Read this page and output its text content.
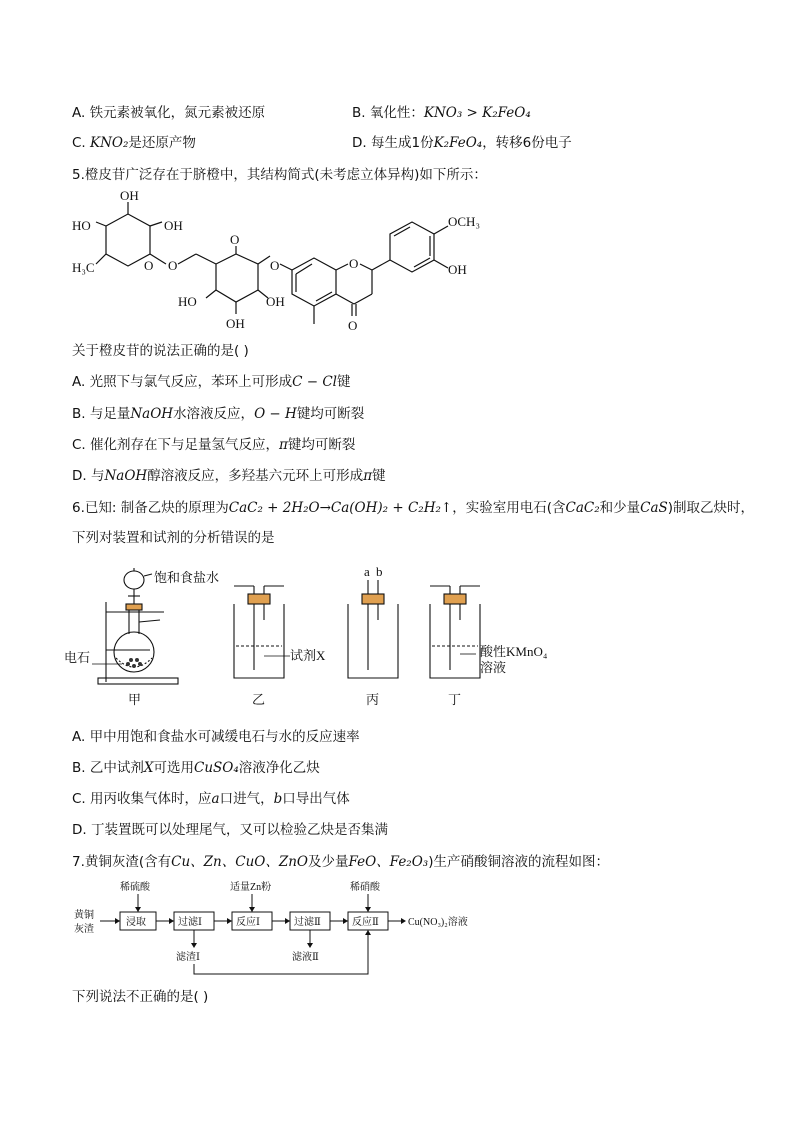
A. 铁元素被氧化，氮元素被还原	B. 氧化性：KNO₃ > K₂FeO₄
C. KNO₂是还原产物	D. 每生成1份K₂FeO₄，转移6份电子
5.橙皮苷广泛存在于脐橙中，其结构简式(未考虑立体异构)如下所示：
HO	OH
OH
H₃C	O O
O
O	O
HO	OH
OH
OCH₃
OH
O
关于橙皮苷的说法正确的是( )
A. 光照下与氯气反应，苯环上可形成C − Cl键
B. 与足量NaOH水溶液反应，O − H键均可断裂
C. 催化剂存在下与足量氢气反应，π键均可断裂
D. 与NaOH醇溶液反应，多羟基六元环上可形成π键
6.已知: 制备乙炔的原理为CaC₂ + 2H₂O→Ca(OH)₂ + C₂H₂↑，实验室用电石(含CaC₂和少量CaS)制取乙炔时，
下列对装置和试剂的分析错误的是
饱和食盐水
电石	试剂X
a b
酸性KMnO₄
溶液
甲	乙	丙	丁
A. 甲中用饱和食盐水可减缓电石与水的反应速率
B. 乙中试剂X可选用CuSO₄溶液净化乙炔
C. 用丙收集气体时，应a口进气，b口导出气体
D. 丁装置既可以处理尾气，又可以检验乙炔是否集满
7.黄铜灰渣(含有Cu、Zn、CuO、ZnO及少量FeO、Fe₂O₃)生产硝酸铜溶液的流程如图：
黄铜
灰渣
浸取	过滤Ⅰ	反应Ⅰ	过滤Ⅱ	反应Ⅱ	Cu(NO₃)₂溶液
稀硫酸	适量Zn粉	稀硝酸
滤渣Ⅰ	滤液Ⅱ
下列说法不正确的是( )
